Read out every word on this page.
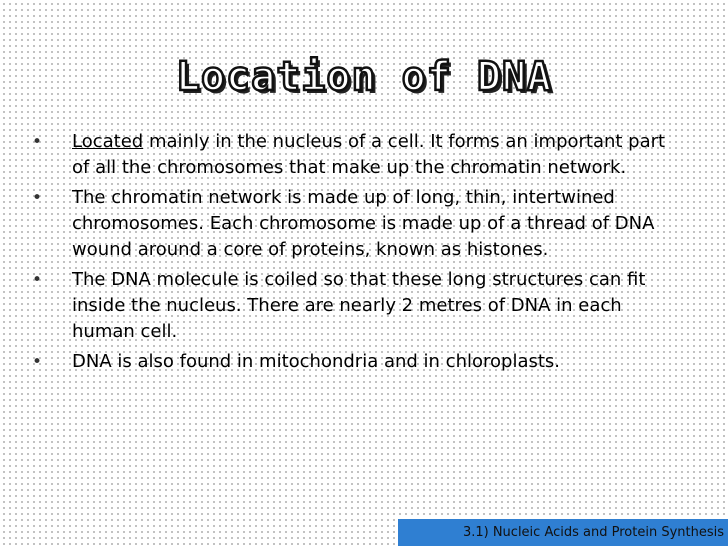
Location of DNA
• Located mainly in the nucleus of a cell. It forms an important part of all the chromosomes that make up the chromatin network.
• The chromatin network is made up of long, thin, intertwined chromosomes. Each chromosome is made up of a thread of DNA wound around a core of proteins, known as histones.
• The DNA molecule is coiled so that these long structures can fit inside the nucleus. There are nearly 2 metres of DNA in each human cell.
• DNA is also found in mitochondria and in chloroplasts.
3.1) Nucleic Acids and Protein Synthesis
